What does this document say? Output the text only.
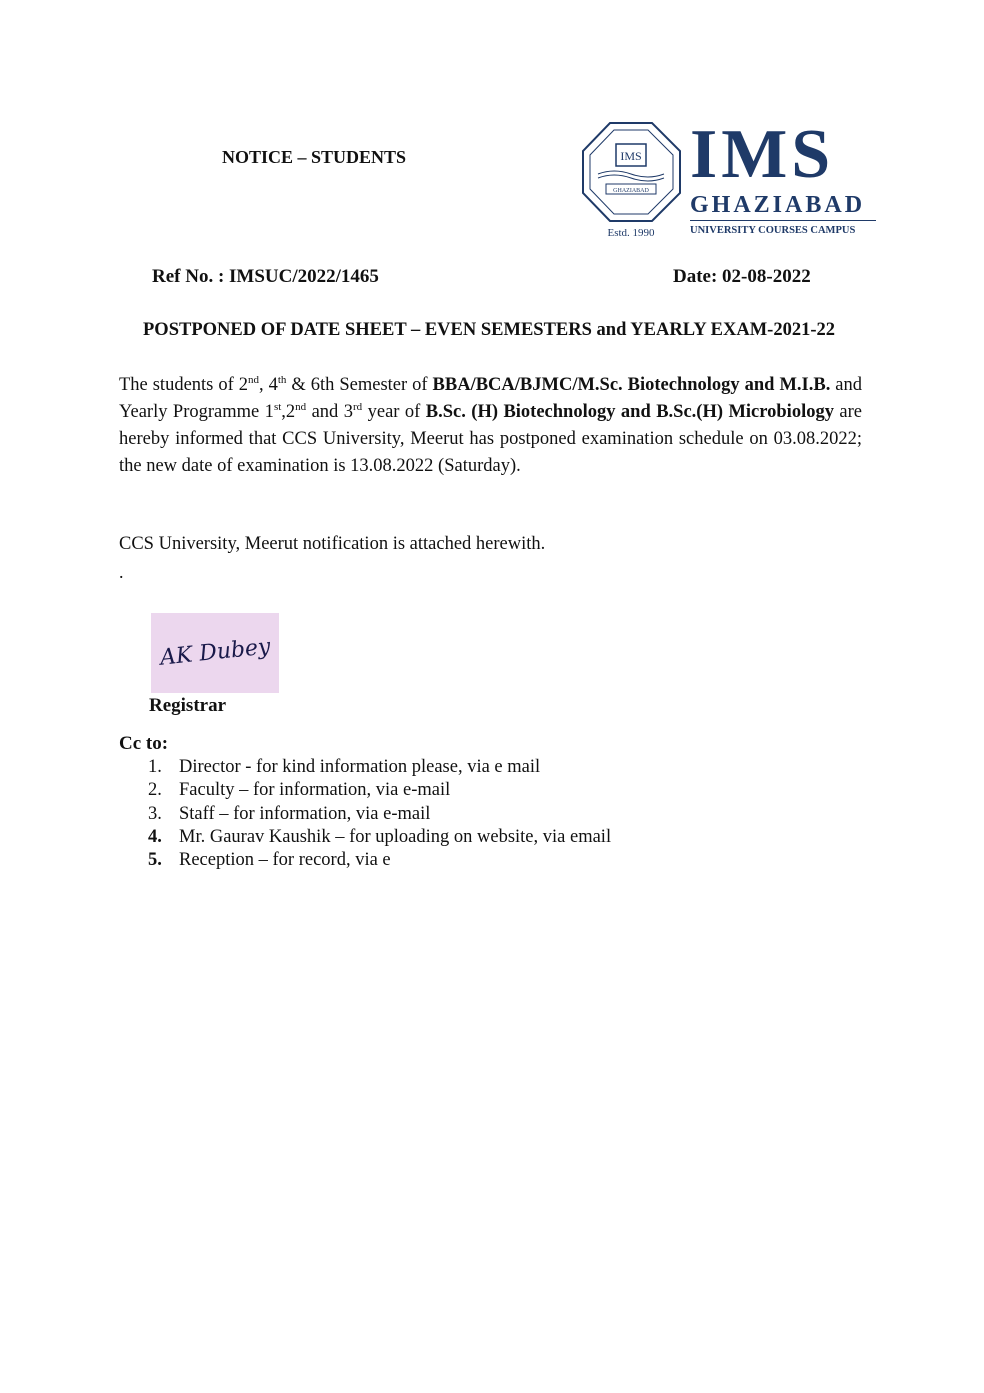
NOTICE – STUDENTS	IMS
GHAZIABAD
Estd. 1990
IMS
GHAZIABAD
UNIVERSITY COURSES CAMPUS
Ref No. : IMSUC/2022/1465	Date: 02-08-2022
POSTPONED OF DATE SHEET – EVEN SEMESTERS and YEARLY EXAM-2021-22
The students of 2nd, 4th & 6th Semester of BBA/BCA/BJMC/M.Sc. Biotechnology and M.I.B. and Yearly Programme 1st,2nd and 3rd year of B.Sc. (H) Biotechnology and B.Sc.(H) Microbiology are hereby informed that CCS University, Meerut has postponed examination schedule on 03.08.2022; the new date of examination is 13.08.2022 (Saturday).
CCS University, Meerut notification is attached herewith.
.
AK Dubey
Registrar
Cc to:
1. Director - for kind information please, via e mail
2. Faculty – for information, via e-mail
3. Staff – for information, via e-mail
4. Mr. Gaurav Kaushik – for uploading on website, via email
5. Reception – for record, via e
